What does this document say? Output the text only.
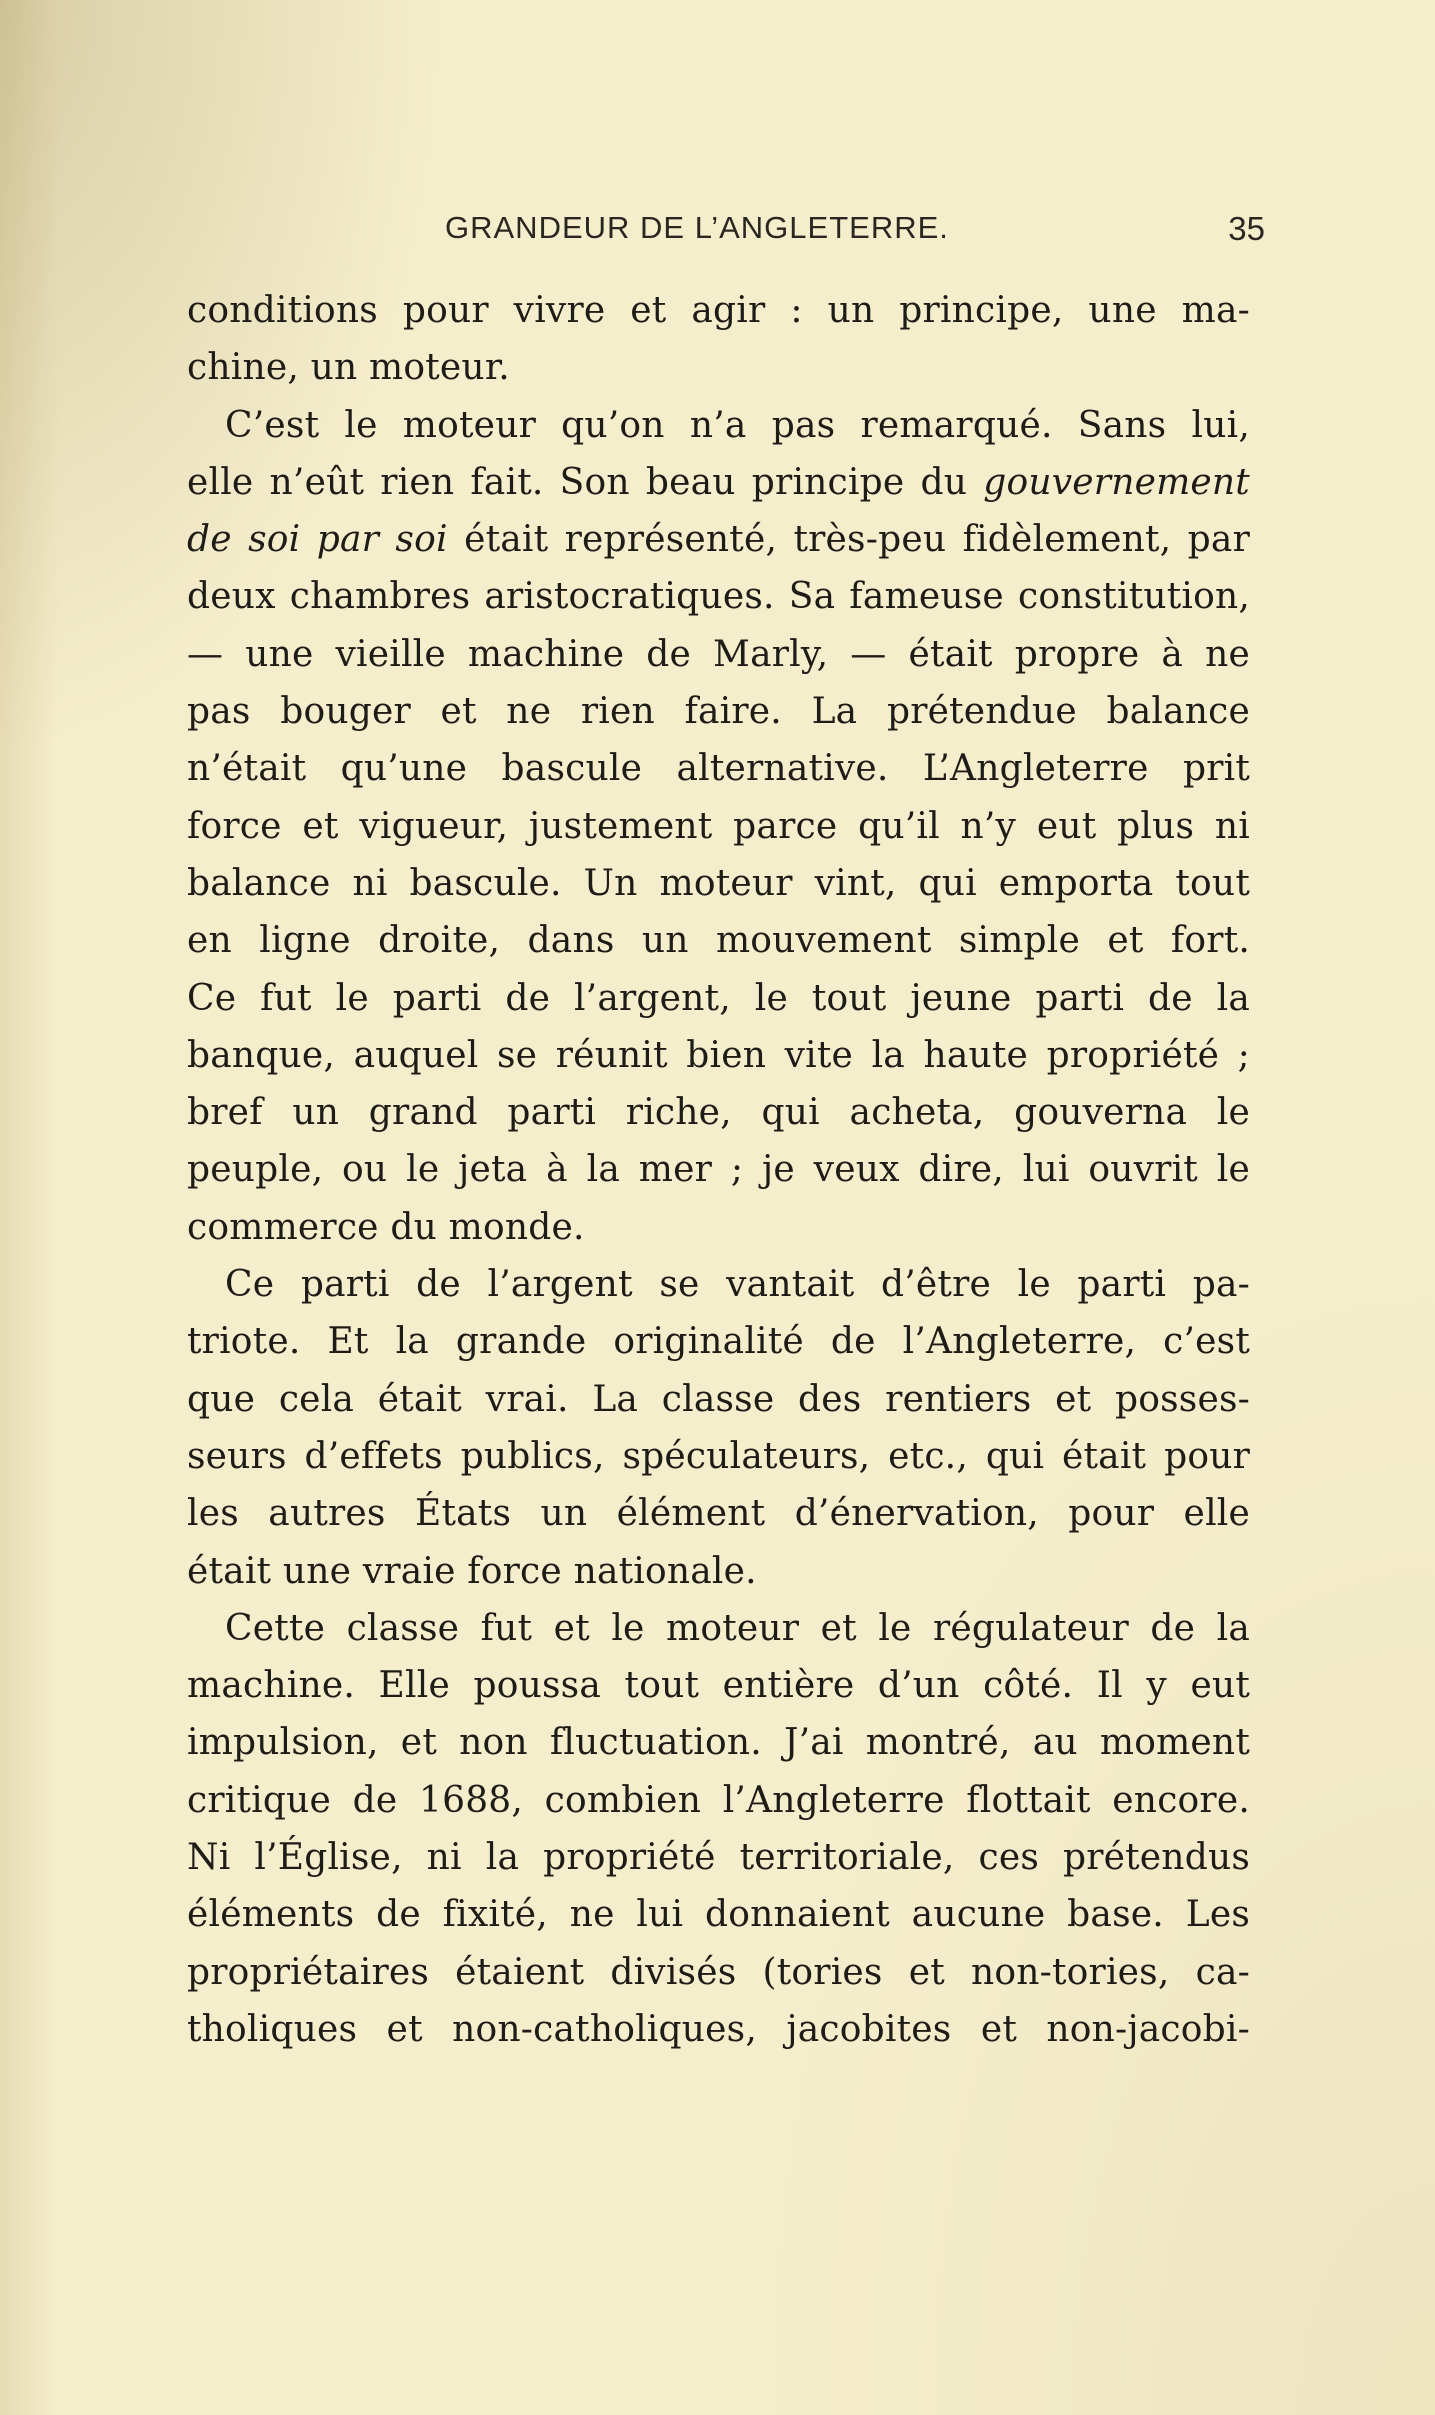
GRANDEUR DE L’ANGLETERRE.	35
conditions pour vivre et agir : un principe, une ma-
chine, un moteur.
C’est le moteur qu’on n’a pas remarqué. Sans lui,
elle n’eût rien fait. Son beau principe du gouvernement
de soi par soi était représenté, très-peu fidèlement, par
deux chambres aristocratiques. Sa fameuse constitution,
— une vieille machine de Marly, — était propre à ne
pas bouger et ne rien faire. La prétendue balance
n’était qu’une bascule alternative. L’Angleterre prit
force et vigueur, justement parce qu’il n’y eut plus ni
balance ni bascule. Un moteur vint, qui emporta tout
en ligne droite, dans un mouvement simple et fort.
Ce fut le parti de l’argent, le tout jeune parti de la
banque, auquel se réunit bien vite la haute propriété ;
bref un grand parti riche, qui acheta, gouverna le
peuple, ou le jeta à la mer ; je veux dire, lui ouvrit le
commerce du monde.
Ce parti de l’argent se vantait d’être le parti pa-
triote. Et la grande originalité de l’Angleterre, c’est
que cela était vrai. La classe des rentiers et posses-
seurs d’effets publics, spéculateurs, etc., qui était pour
les autres États un élément d’énervation, pour elle
était une vraie force nationale.
Cette classe fut et le moteur et le régulateur de la
machine. Elle poussa tout entière d’un côté. Il y eut
impulsion, et non fluctuation. J’ai montré, au moment
critique de 1688, combien l’Angleterre flottait encore.
Ni l’Église, ni la propriété territoriale, ces prétendus
éléments de fixité, ne lui donnaient aucune base. Les
propriétaires étaient divisés (tories et non-tories, ca-
tholiques et non-catholiques, jacobites et non-jacobi-
